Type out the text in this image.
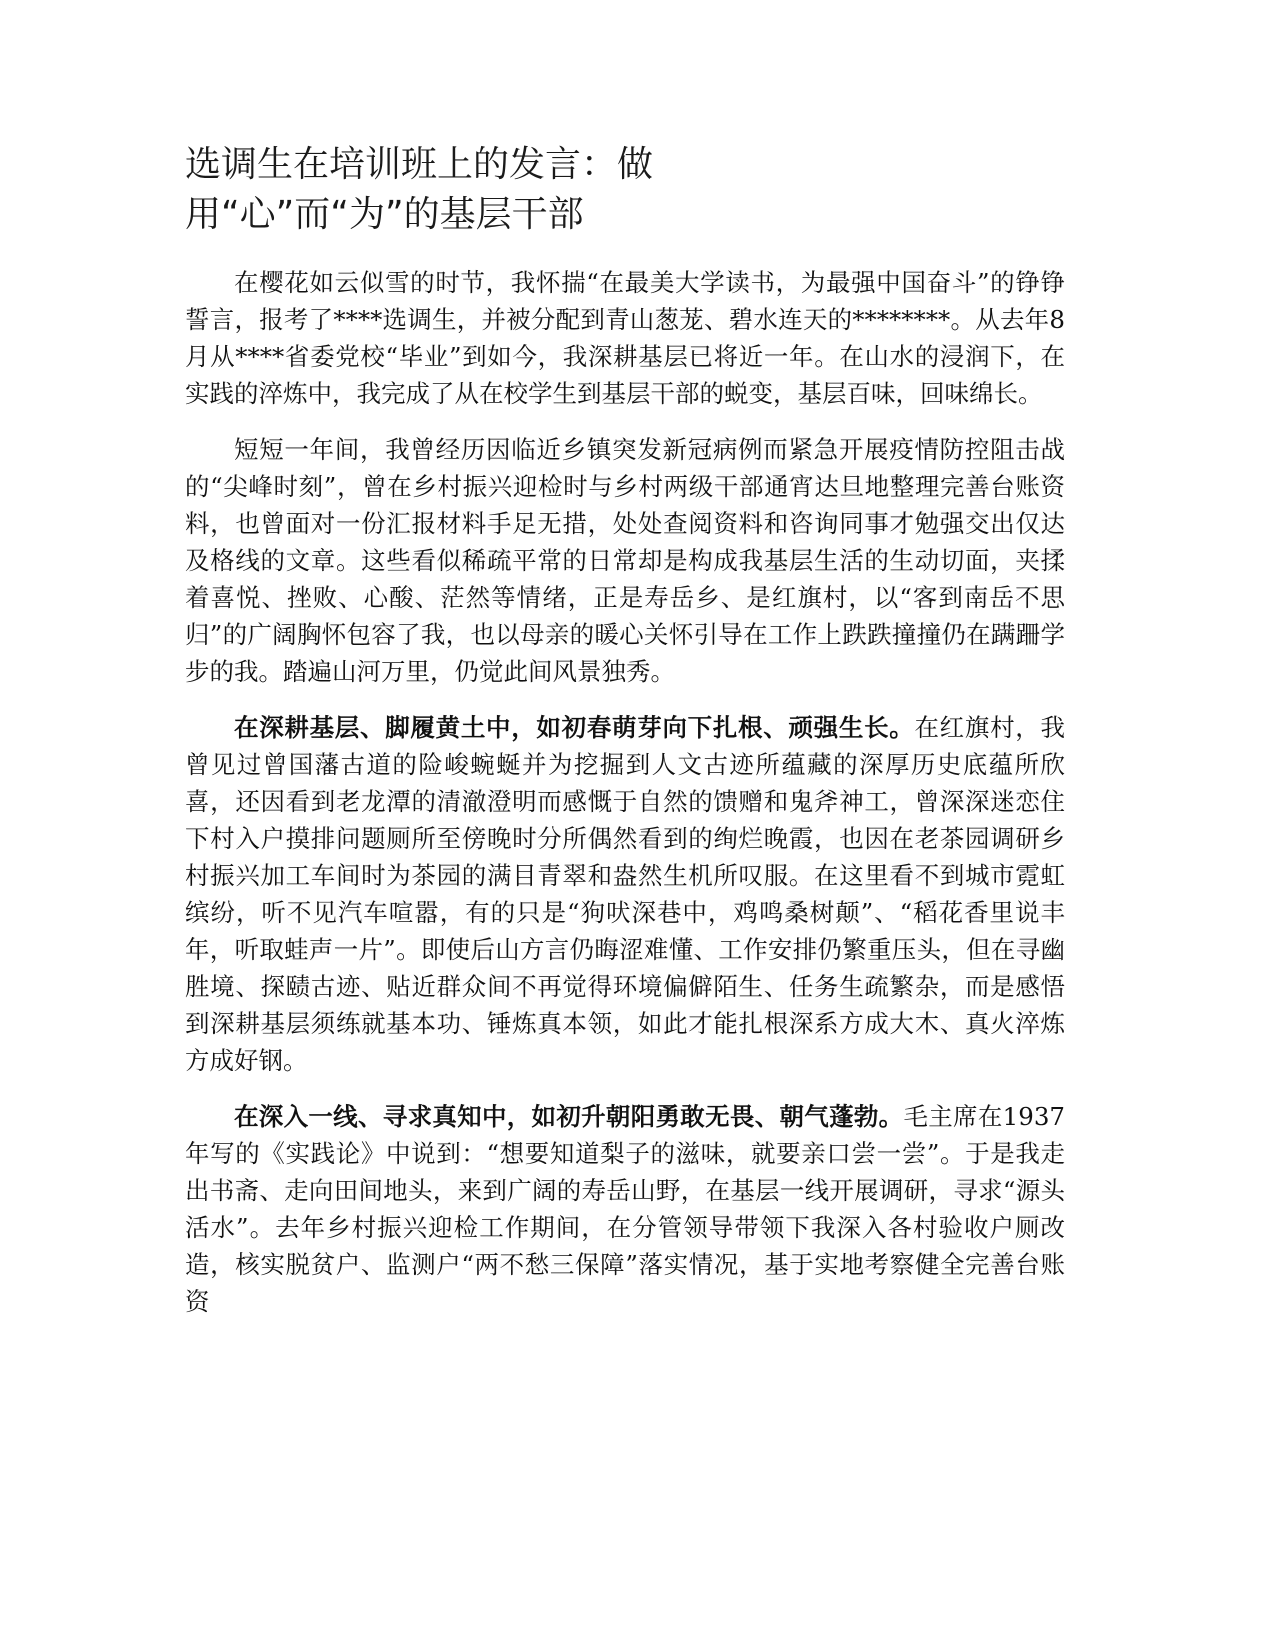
选调生在培训班上的发言：做
用“心”而“为”的基层干部

在樱花如云似雪的时节，我怀揣“在最美大学读书，为最强中国奋斗”的铮铮誓言，报考了****选调生，并被分配到青山葱茏、碧水连天的********。从去年8月从****省委党校“毕业”到如今，我深耕基层已将近一年。在山水的浸润下，在实践的淬炼中，我完成了从在校学生到基层干部的蜕变，基层百味，回味绵长。

短短一年间，我曾经历因临近乡镇突发新冠病例而紧急开展疫情防控阻击战的“尖峰时刻”，曾在乡村振兴迎检时与乡村两级干部通宵达旦地整理完善台账资料，也曾面对一份汇报材料手足无措，处处查阅资料和咨询同事才勉强交出仅达及格线的文章。这些看似稀疏平常的日常却是构成我基层生活的生动切面，夹揉着喜悦、挫败、心酸、茫然等情绪，正是寿岳乡、是红旗村，以“客到南岳不思归”的广阔胸怀包容了我，也以母亲的暖心关怀引导在工作上跌跌撞撞仍在蹒跚学步的我。踏遍山河万里，仍觉此间风景独秀。

在深耕基层、脚履黄土中，如初春萌芽向下扎根、顽强生长。在红旗村，我曾见过曾国藩古道的险峻蜿蜒并为挖掘到人文古迹所蕴藏的深厚历史底蕴所欣喜，还因看到老龙潭的清澈澄明而感慨于自然的馈赠和鬼斧神工，曾深深迷恋住下村入户摸排问题厕所至傍晚时分所偶然看到的绚烂晚霞，也因在老茶园调研乡村振兴加工车间时为茶园的满目青翠和盎然生机所叹服。在这里看不到城市霓虹缤纷，听不见汽车喧嚣，有的只是“狗吠深巷中，鸡鸣桑树颠”、“稻花香里说丰年，听取蛙声一片”。即使后山方言仍晦涩难懂、工作安排仍繁重压头，但在寻幽胜境、探赜古迹、贴近群众间不再觉得环境偏僻陌生、任务生疏繁杂，而是感悟到深耕基层须练就基本功、锤炼真本领，如此才能扎根深系方成大木、真火淬炼方成好钢。

在深入一线、寻求真知中，如初升朝阳勇敢无畏、朝气蓬勃。毛主席在1937年写的《实践论》中说到：“想要知道梨子的滋味，就要亲口尝一尝”。于是我走出书斋、走向田间地头，来到广阔的寿岳山野，在基层一线开展调研，寻求“源头活水”。去年乡村振兴迎检工作期间，在分管领导带领下我深入各村验收户厕改造，核实脱贫户、监测户“两不愁三保障”落实情况，基于实地考察健全完善台账资
